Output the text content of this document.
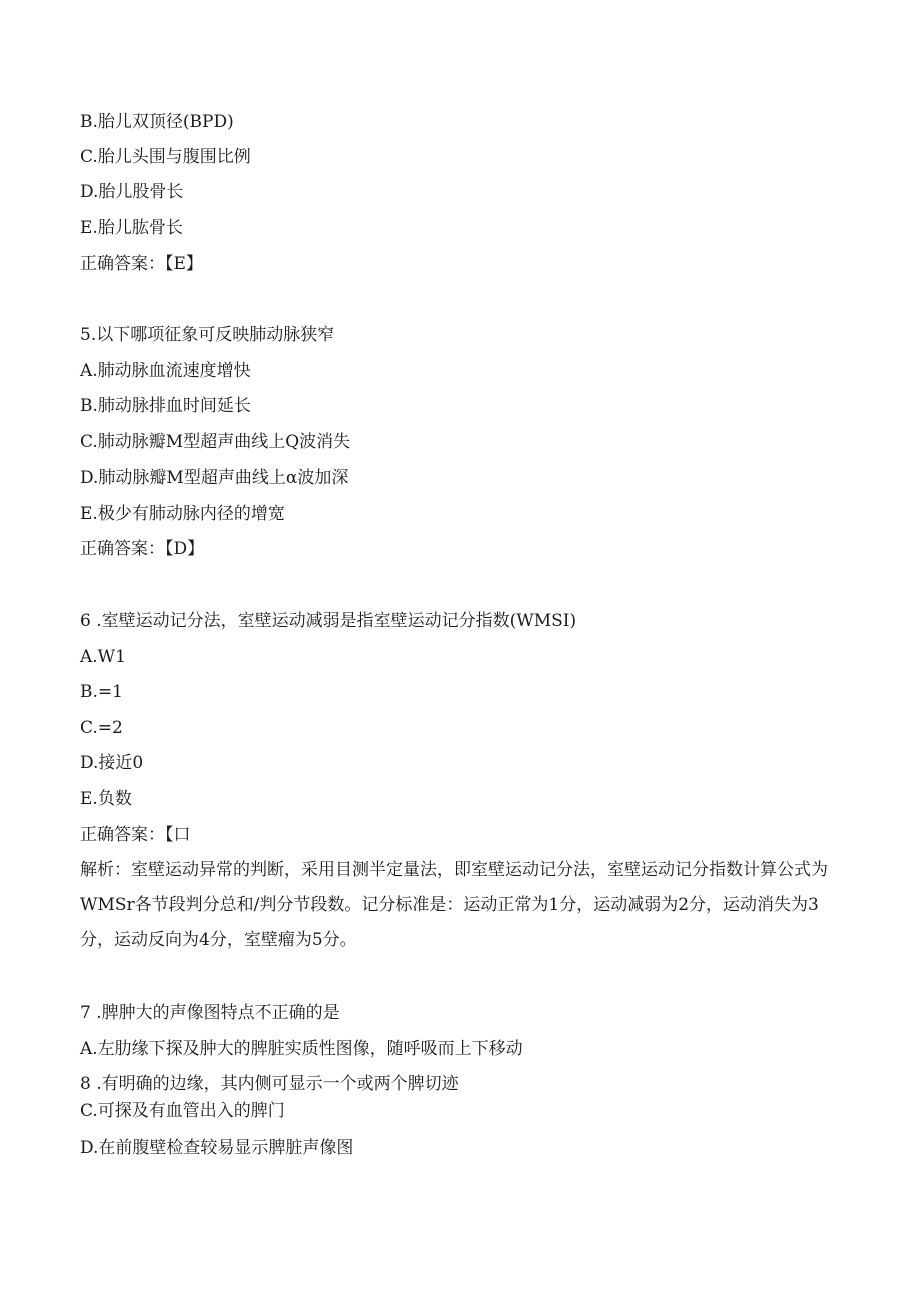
B.胎儿双顶径(BPD)

C.胎儿头围与腹围比例

D.胎儿股骨长

E.胎儿肱骨长

正确答案：【E】

5.以下哪项征象可反映肺动脉狭窄

A.肺动脉血流速度增快

B.肺动脉排血时间延长

C.肺动脉瓣M型超声曲线上Q波消失

D.肺动脉瓣M型超声曲线上α波加深

E.极少有肺动脉内径的增宽

正确答案：【D】

6 .室壁运动记分法，室壁运动减弱是指室壁运动记分指数(WMSI)

A.W1

B.=1

C.=2

D.接近0

E.负数

正确答案：【口

解析：室壁运动异常的判断，采用目测半定量法，即室壁运动记分法，室壁运动记分指数计算公式为WMSr各节段判分总和/判分节段数。记分标准是：运动正常为1分，运动减弱为2分，运动消失为3分，运动反向为4分，室壁瘤为5分。

7 .脾肿大的声像图特点不正确的是

A.左肋缘下探及肿大的脾脏实质性图像，随呼吸而上下移动

8 .有明确的边缘，其内侧可显示一个或两个脾切迹

C.可探及有血管出入的脾门

D.在前腹壁检查较易显示脾脏声像图
